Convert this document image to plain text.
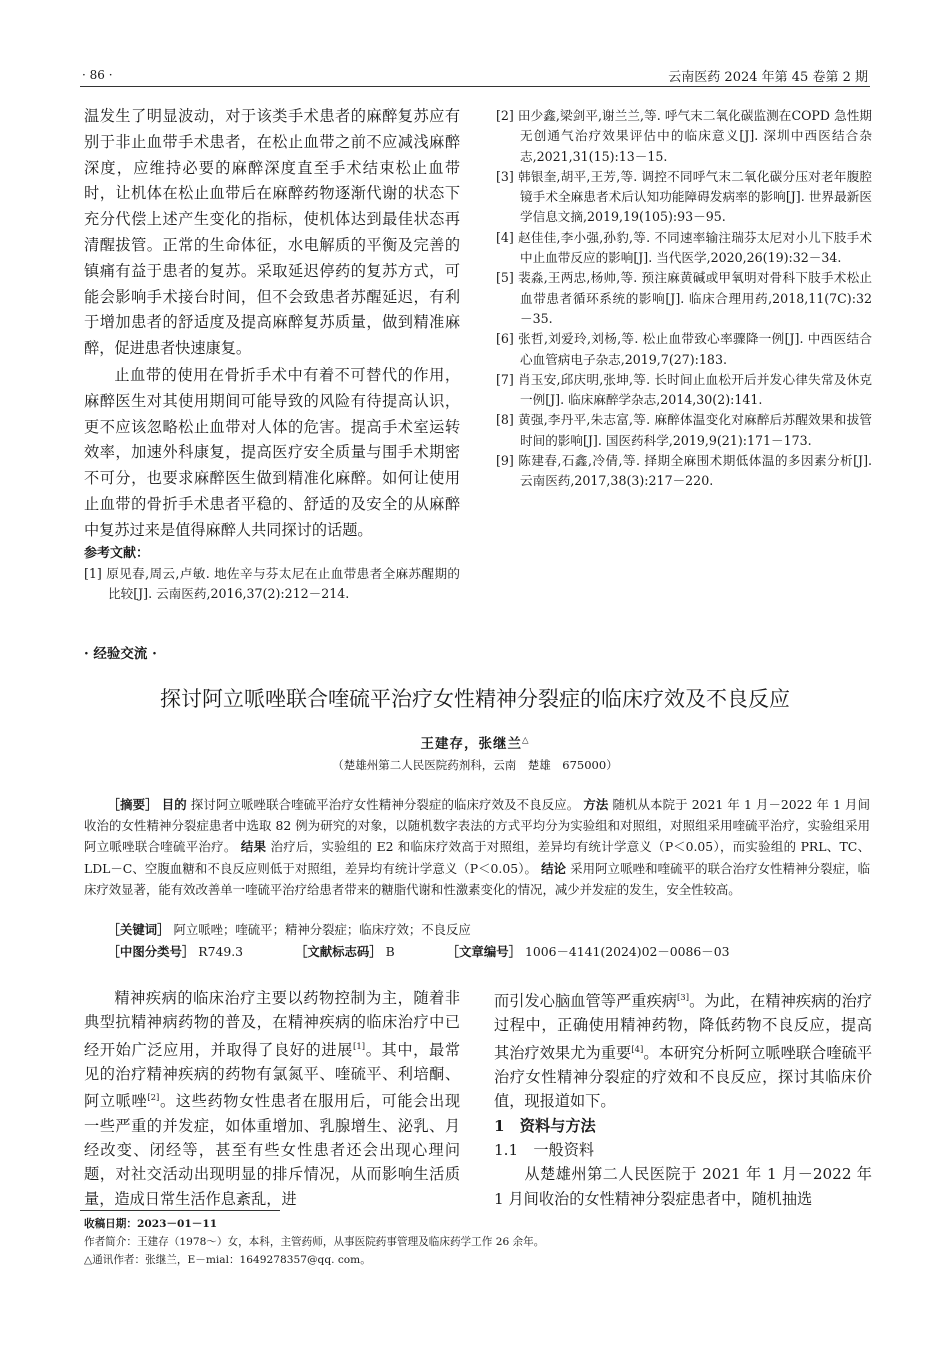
· 86 ·	云南医药 2024 年第 45 卷第 2 期

温发生了明显波动，对于该类手术患者的麻醉复苏应有别于非止血带手术患者，在松止血带之前不应减浅麻醉深度，应维持必要的麻醉深度直至手术结束松止血带时，让机体在松止血带后在麻醉药物逐渐代谢的状态下充分代偿上述产生变化的指标，使机体达到最佳状态再清醒拔管。正常的生命体征，水电解质的平衡及完善的镇痛有益于患者的复苏。采取延迟停药的复苏方式，可能会影响手术接台时间，但不会致患者苏醒延迟，有利于增加患者的舒适度及提高麻醉复苏质量，做到精准麻醉，促进患者快速康复。

止血带的使用在骨折手术中有着不可替代的作用，麻醉医生对其使用期间可能导致的风险有待提高认识，更不应该忽略松止血带对人体的危害。提高手术室运转效率，加速外科康复，提高医疗安全质量与围手术期密不可分，也要求麻醉医生做到精准化麻醉。如何让使用止血带的骨折手术患者平稳的、舒适的及安全的从麻醉中复苏过来是值得麻醉人共同探讨的话题。

参考文献：
[1] 原见春,周云,卢敏. 地佐辛与芬太尼在止血带患者全麻苏醒期的比较[J]. 云南医药,2016,37(2):212－214.
[2] 田少鑫,梁剑平,谢兰兰,等. 呼气末二氧化碳监测在COPD 急性期无创通气治疗效果评估中的临床意义[J]. 深圳中西医结合杂志,2021,31(15):13－15.
[3] 韩银奎,胡平,王芳,等. 调控不同呼气末二氧化碳分压对老年腹腔镜手术全麻患者术后认知功能障碍发病率的影响[J]. 世界最新医学信息文摘,2019,19(105):93－95.
[4] 赵佳佳,李小强,孙豹,等. 不同速率输注瑞芬太尼对小儿下肢手术中止血带反应的影响[J]. 当代医学,2020,26(19):32－34.
[5] 裴淼,王两忠,杨帅,等. 预注麻黄碱或甲氧明对骨科下肢手术松止血带患者循环系统的影响[J]. 临床合理用药,2018,11(7C):32－35.
[6] 张哲,刘爱玲,刘杨,等. 松止血带致心率骤降一例[J]. 中西医结合心血管病电子杂志,2019,7(27):183.
[7] 肖玉安,邱庆明,张坤,等. 长时间止血松开后并发心律失常及休克一例[J]. 临床麻醉学杂志,2014,30(2):141.
[8] 黄强,李丹平,朱志富,等. 麻醉体温变化对麻醉后苏醒效果和拔管时间的影响[J]. 国医药科学,2019,9(21):171－173.
[9] 陈建春,石鑫,冷倩,等. 择期全麻围术期低体温的多因素分析[J]. 云南医药,2017,38(3):217－220.
· 经验交流 ·
探讨阿立哌唑联合喹硫平治疗女性精神分裂症的临床疗效及不良反应
王建存，张继兰△
（楚雄州第二人民医院药剂科，云南　楚雄　675000）
［摘要］ 目的 探讨阿立哌唑联合喹硫平治疗女性精神分裂症的临床疗效及不良反应。 方法 随机从本院于 2021 年 1 月－2022 年 1 月间收治的女性精神分裂症患者中选取 82 例为研究的对象，以随机数字表法的方式平均分为实验组和对照组，对照组采用喹硫平治疗，实验组采用阿立哌唑联合喹硫平治疗。 结果 治疗后，实验组的 E2 和临床疗效高于对照组，差异均有统计学意义（P＜0.05），而实验组的 PRL、TC、LDL－C、空腹血糖和不良反应则低于对照组，差异均有统计学意义（P＜0.05）。 结论 采用阿立哌唑和喹硫平的联合治疗女性精神分裂症，临床疗效显著，能有效改善单一喹硫平治疗给患者带来的糖脂代谢和性激素变化的情况，减少并发症的发生，安全性较高。
［关键词］ 阿立哌唑；喹硫平；精神分裂症；临床疗效；不良反应
［中图分类号］ R749.3	［文献标志码］ B	［文章编号］ 1006－4141(2024)02－0086－03

精神疾病的临床治疗主要以药物控制为主，随着非典型抗精神病药物的普及，在精神疾病的临床治疗中已经开始广泛应用，并取得了良好的进展[1]。其中，最常见的治疗精神疾病的药物有氯氮平、喹硫平、利培酮、阿立哌唑[2]。这些药物女性患者在服用后，可能会出现一些严重的并发症，如体重增加、乳腺增生、泌乳、月经改变、闭经等，甚至有些女性患者还会出现心理问题，对社交活动出现明显的排斥情况，从而影响生活质量，造成日常生活作息紊乱，进

而引发心脑血管等严重疾病[3]。为此，在精神疾病的治疗过程中，正确使用精神药物，降低药物不良反应，提高其治疗效果尤为重要[4]。本研究分析阿立哌唑联合喹硫平治疗女性精神分裂症的疗效和不良反应，探讨其临床价值，现报道如下。

1　资料与方法

1.1　一般资料

从楚雄州第二人民医院于 2021 年 1 月－2022 年 1 月间收治的女性精神分裂症患者中，随机抽选

收稿日期：2023－01－11
作者简介：王建存（1978～）女，本科，主管药师，从事医院药事管理及临床药学工作 26 余年。
△通讯作者：张继兰，E－mial：1649278357@qq. com。
